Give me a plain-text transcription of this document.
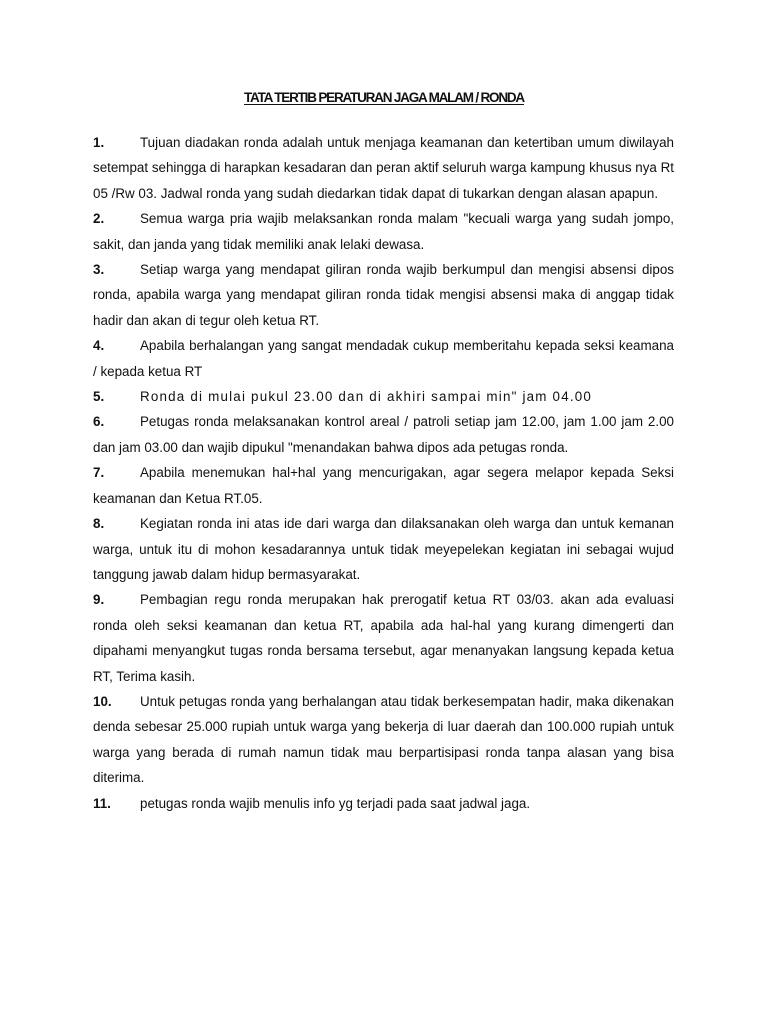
TATA TERTIB PERATURAN JAGA MALAM / RONDA

1.	Tujuan diadakan ronda adalah untuk menjaga keamanan dan ketertiban umum diwilayah setempat sehingga di harapkan kesadaran dan peran aktif seluruh warga kampung khusus nya Rt 05 /Rw 03. Jadwal ronda yang sudah diedarkan tidak dapat di tukarkan dengan alasan apapun.

2.	Semua warga pria wajib melaksankan ronda malam "kecuali warga yang sudah jompo, sakit, dan janda yang tidak memiliki anak lelaki dewasa.

3.	Setiap warga yang mendapat giliran ronda wajib berkumpul dan mengisi absensi dipos ronda, apabila warga yang mendapat giliran ronda tidak mengisi absensi maka di anggap tidak hadir dan akan di tegur oleh ketua RT.

4.	Apabila berhalangan yang sangat mendadak cukup memberitahu kepada seksi keamana / kepada ketua RT

5.	Ronda di mulai pukul 23.00 dan di akhiri sampai min" jam 04.00

6.	Petugas ronda melaksanakan kontrol areal / patroli setiap jam 12.00, jam 1.00 jam 2.00 dan jam 03.00 dan wajib dipukul "menandakan bahwa dipos ada petugas ronda.

7.	Apabila menemukan hal+hal yang mencurigakan, agar segera melapor kepada Seksi keamanan dan Ketua RT.05.

8.	Kegiatan ronda ini atas ide dari warga dan dilaksanakan oleh warga dan untuk kemanan warga, untuk itu di mohon kesadarannya untuk tidak meyepelekan kegiatan ini sebagai wujud tanggung jawab dalam hidup bermasyarakat.

9.	Pembagian regu ronda merupakan hak prerogatif ketua RT 03/03. akan ada evaluasi ronda oleh seksi keamanan dan ketua RT, apabila ada hal-hal yang kurang dimengerti dan dipahami menyangkut tugas ronda bersama tersebut, agar menanyakan langsung kepada ketua RT, Terima kasih.

10. Untuk petugas ronda yang berhalangan atau tidak berkesempatan hadir, maka dikenakan denda sebesar 25.000 rupiah untuk warga yang bekerja di luar daerah dan 100.000 rupiah untuk warga yang berada di rumah namun tidak mau berpartisipasi ronda tanpa alasan yang bisa diterima.

11. petugas ronda wajib menulis info yg terjadi pada saat jadwal jaga.
